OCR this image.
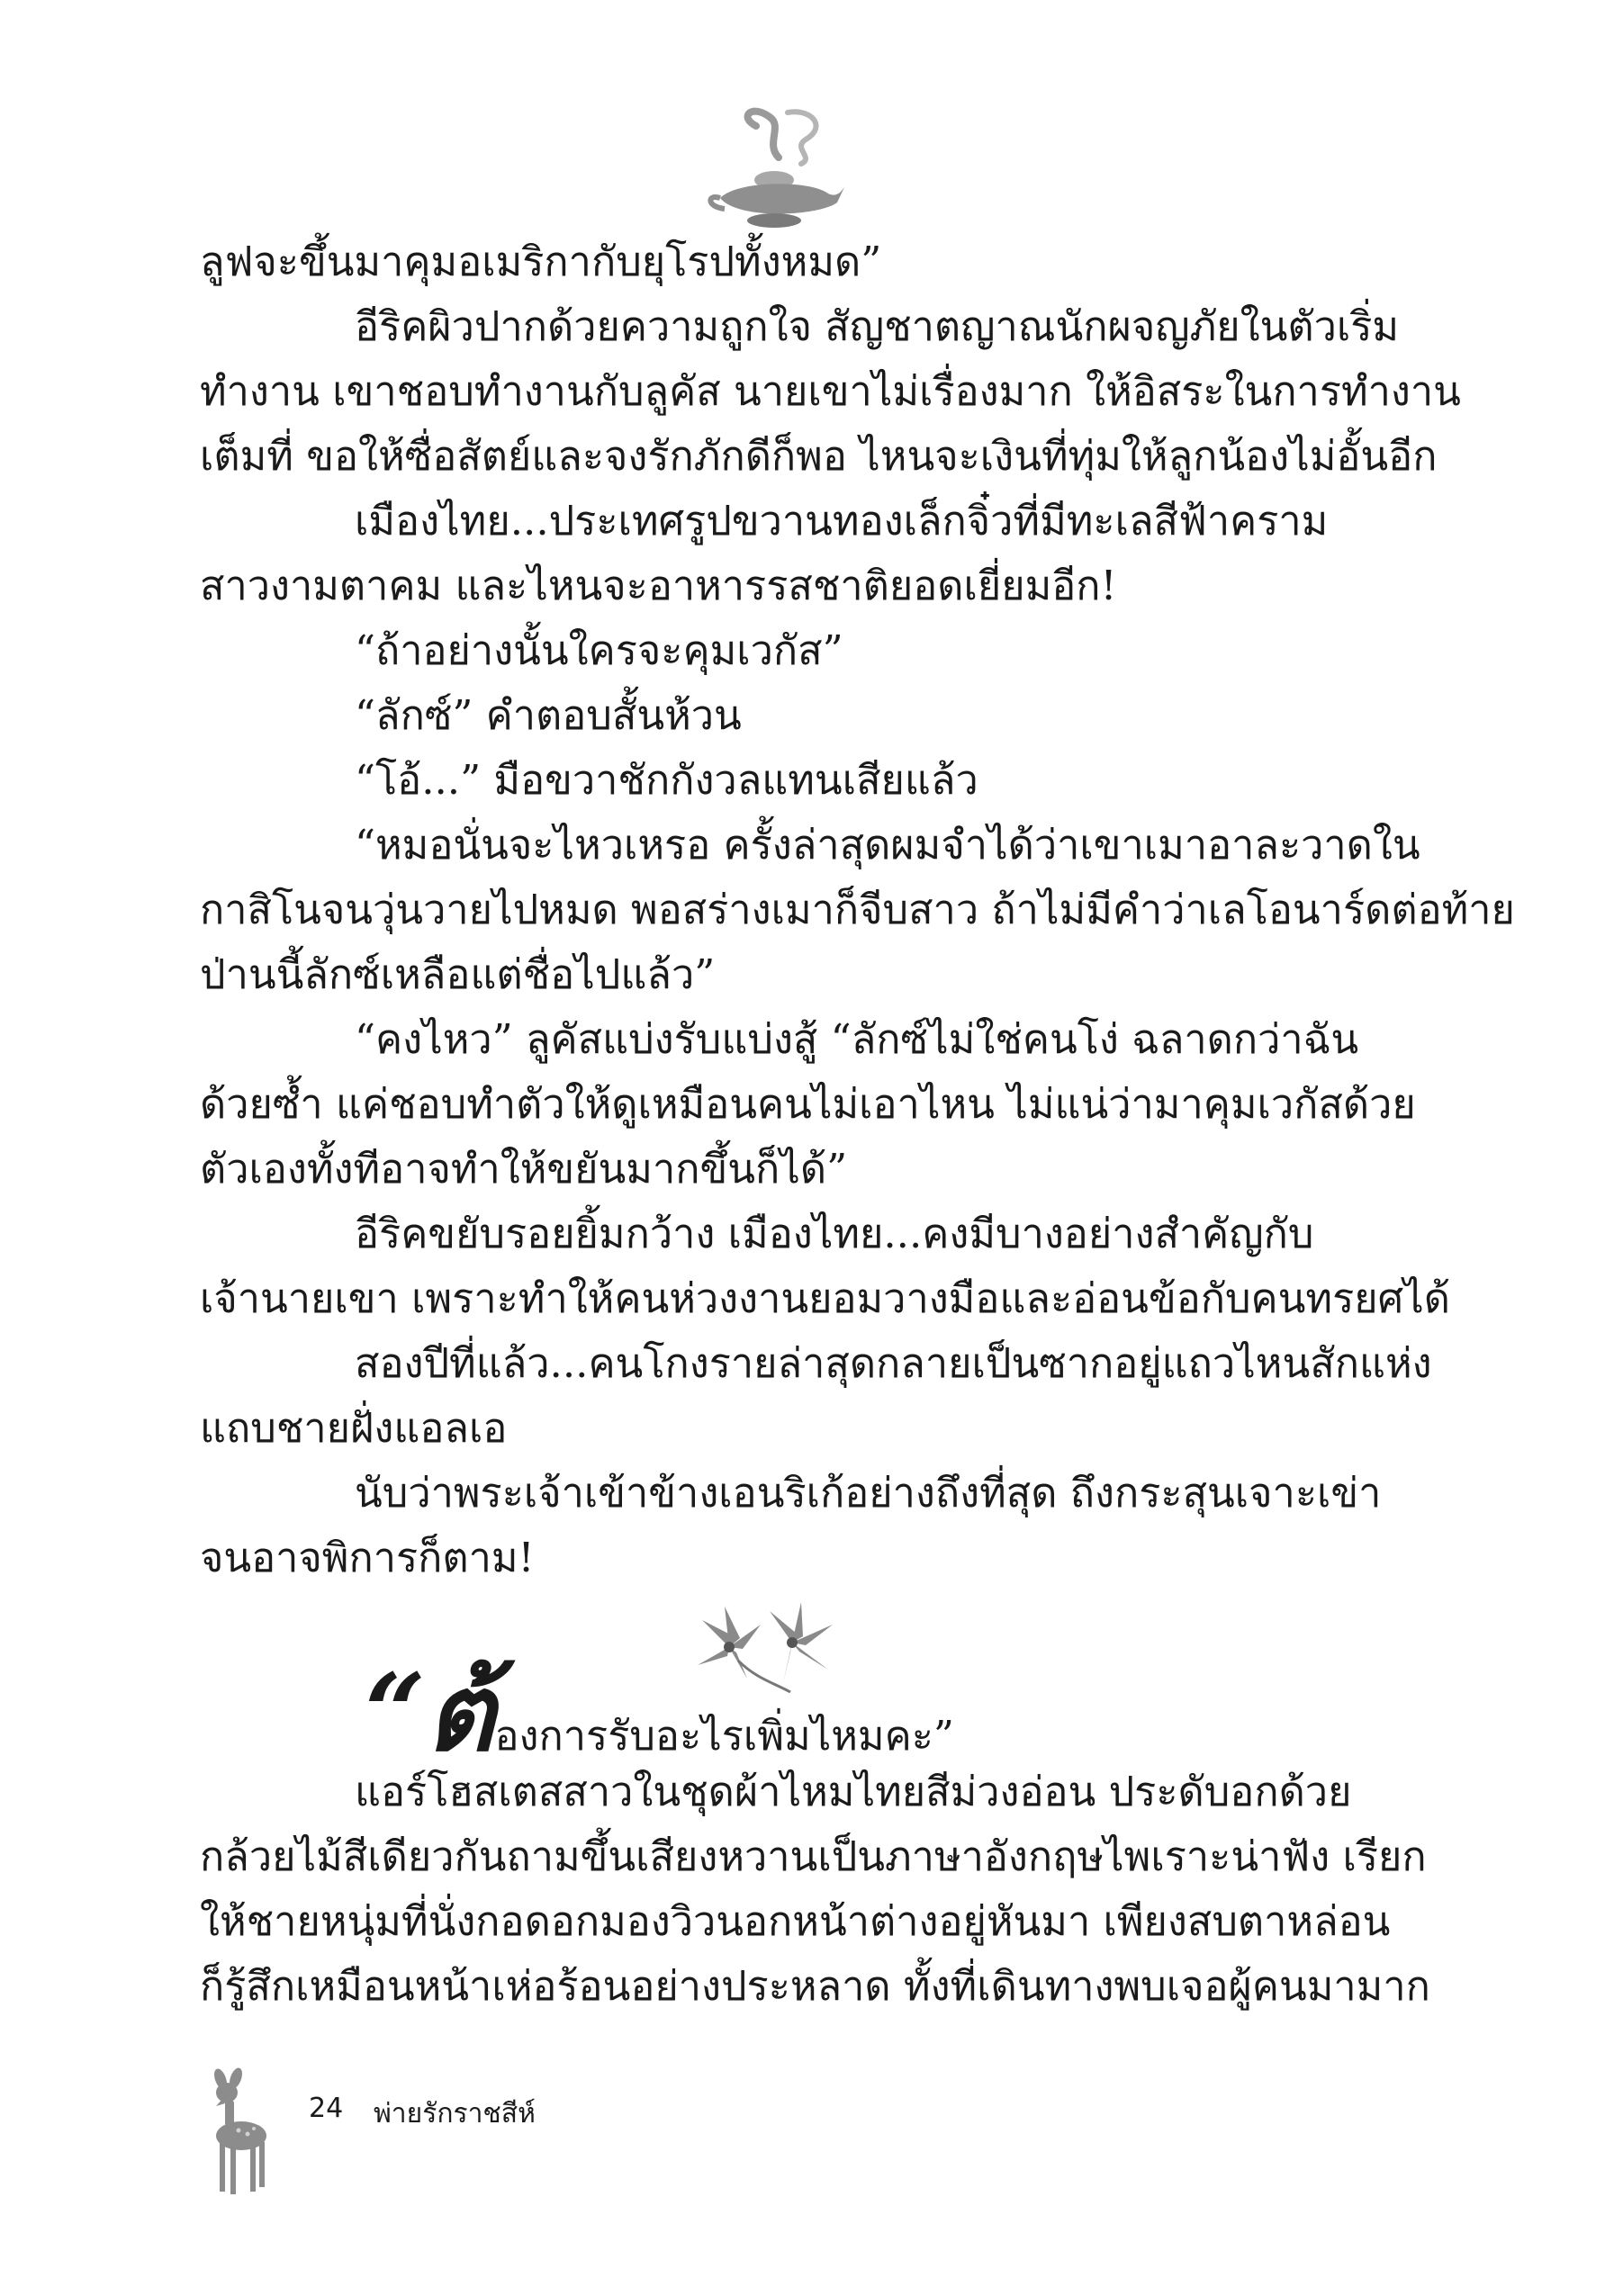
ลูฟจะขึ้นมาคุมอเมริกากับยุโรปทั้งหมด”
อีริคผิวปากด้วยความถูกใจ สัญชาตญาณนักผจญภัยในตัวเริ่ม
ทำงาน เขาชอบทำงานกับลูคัส นายเขาไม่เรื่องมาก ให้อิสระในการทำงาน
เต็มที่ ขอให้ซื่อสัตย์และจงรักภักดีก็พอ ไหนจะเงินที่ทุ่มให้ลูกน้องไม่อั้นอีก
เมืองไทย...ประเทศรูปขวานทองเล็กจิ๋วที่มีทะเลสีฟ้าคราม
สาวงามตาคม และไหนจะอาหารรสชาติยอดเยี่ยมอีก!
“ถ้าอย่างนั้นใครจะคุมเวกัส”
“ลักซ์” คำตอบสั้นห้วน
“โอ้...” มือขวาชักกังวลแทนเสียแล้ว
“หมอนั่นจะไหวเหรอ ครั้งล่าสุดผมจำได้ว่าเขาเมาอาละวาดใน
กาสิโนจนวุ่นวายไปหมด พอสร่างเมาก็จีบสาว ถ้าไม่มีคำว่าเลโอนาร์ดต่อท้าย
ป่านนี้ลักซ์เหลือแต่ชื่อไปแล้ว”
“คงไหว” ลูคัสแบ่งรับแบ่งสู้ “ลักซ์ไม่ใช่คนโง่ ฉลาดกว่าฉัน
ด้วยซ้ำ แค่ชอบทำตัวให้ดูเหมือนคนไม่เอาไหน ไม่แน่ว่ามาคุมเวกัสด้วย
ตัวเองทั้งทีอาจทำให้ขยันมากขึ้นก็ได้”
อีริคขยับรอยยิ้มกว้าง เมืองไทย...คงมีบางอย่างสำคัญกับ
เจ้านายเขา เพราะทำให้คนห่วงงานยอมวางมือและอ่อนข้อกับคนทรยศได้
สองปีที่แล้ว...คนโกงรายล่าสุดกลายเป็นซากอยู่แถวไหนสักแห่ง
แถบชายฝั่งแอลเอ
นับว่าพระเจ้าเข้าข้างเอนริเก้อย่างถึงที่สุด ถึงกระสุนเจาะเข่า
จนอาจพิการก็ตาม!
“ต้องการรับอะไรเพิ่มไหมคะ”
แอร์โฮสเตสสาวในชุดผ้าไหมไทยสีม่วงอ่อน ประดับอกด้วย
กล้วยไม้สีเดียวกันถามขึ้นเสียงหวานเป็นภาษาอังกฤษไพเราะน่าฟัง เรียก
ให้ชายหนุ่มที่นั่งกอดอกมองวิวนอกหน้าต่างอยู่หันมา เพียงสบตาหล่อน
ก็รู้สึกเหมือนหน้าเห่อร้อนอย่างประหลาด ทั้งที่เดินทางพบเจอผู้คนมามาก
24 พ่ายรักราชสีห์
